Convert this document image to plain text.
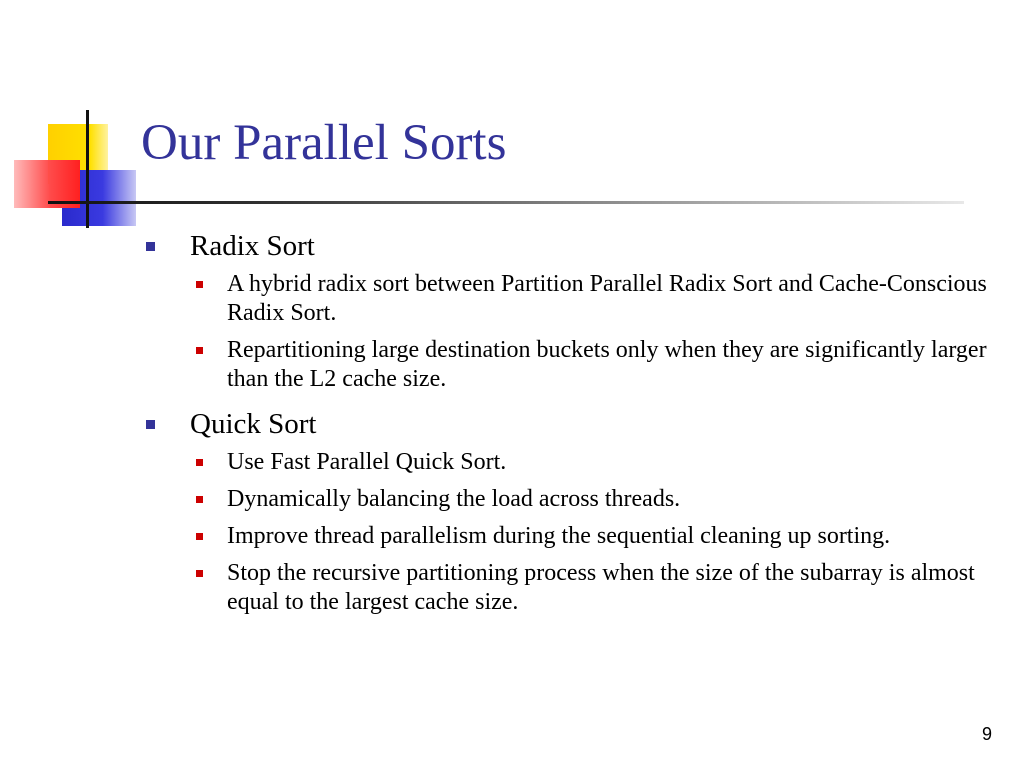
Our Parallel Sorts
Radix Sort
A hybrid radix sort between Partition Parallel Radix Sort and Cache-Conscious Radix Sort.
Repartitioning large destination buckets only when they are significantly larger than the L2 cache size.
Quick Sort
Use Fast Parallel Quick Sort.
Dynamically balancing the load across threads.
Improve thread parallelism during the sequential cleaning up sorting.
Stop the recursive partitioning process when the size of the subarray is almost equal to the largest cache size.
9
